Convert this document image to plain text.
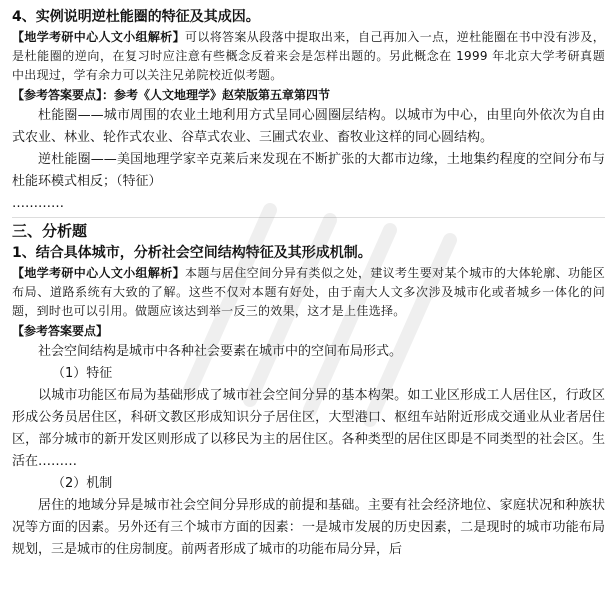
4、实例说明逆杜能圈的特征及其成因。

【地学考研中心人文小组解析】可以将答案从段落中提取出来，自己再加入一点，逆杜能圈在书中没有涉及，是杜能圈的逆向，在复习时应注意有些概念反着来会是怎样出题的。另此概念在 1999 年北京大学考研真题中出现过，学有余力可以关注兄弟院校近似考题。

【参考答案要点】：参考《人文地理学》赵荣版第五章第四节

杜能圈——城市周围的农业土地利用方式呈同心圆圈层结构。以城市为中心，由里向外依次为自由式农业、林业、轮作式农业、谷草式农业、三圃式农业、畜牧业这样的同心圆结构。

逆杜能圈——美国地理学家辛克莱后来发现在不断扩张的大都市边缘，土地集约程度的空间分布与杜能环模式相反；（特征）

…………

三、分析题

1、结合具体城市，分析社会空间结构特征及其形成机制。

【地学考研中心人文小组解析】本题与居住空间分异有类似之处，建议考生要对某个城市的大体轮廓、功能区布局、道路系统有大致的了解。这些不仅对本题有好处，由于南大人文多次涉及城市化或者城乡一体化的问题，到时也可以引用。做题应该达到举一反三的效果，这才是上佳选择。

【参考答案要点】

社会空间结构是城市中各种社会要素在城市中的空间布局形式。

（1）特征

以城市功能区布局为基础形成了城市社会空间分异的基本构架。如工业区形成工人居住区，行政区形成公务员居住区，科研文教区形成知识分子居住区，大型港口、枢纽车站附近形成交通业从业者居住区，部分城市的新开发区则形成了以移民为主的居住区。各种类型的居住区即是不同类型的社会区。生活在………

（2）机制

居住的地域分异是城市社会空间分异形成的前提和基础。主要有社会经济地位、家庭状况和种族状况等方面的因素。另外还有三个城市方面的因素：一是城市发展的历史因素，二是现时的城市功能布局规划，三是城市的住房制度。前两者形成了城市的功能布局分异，后
